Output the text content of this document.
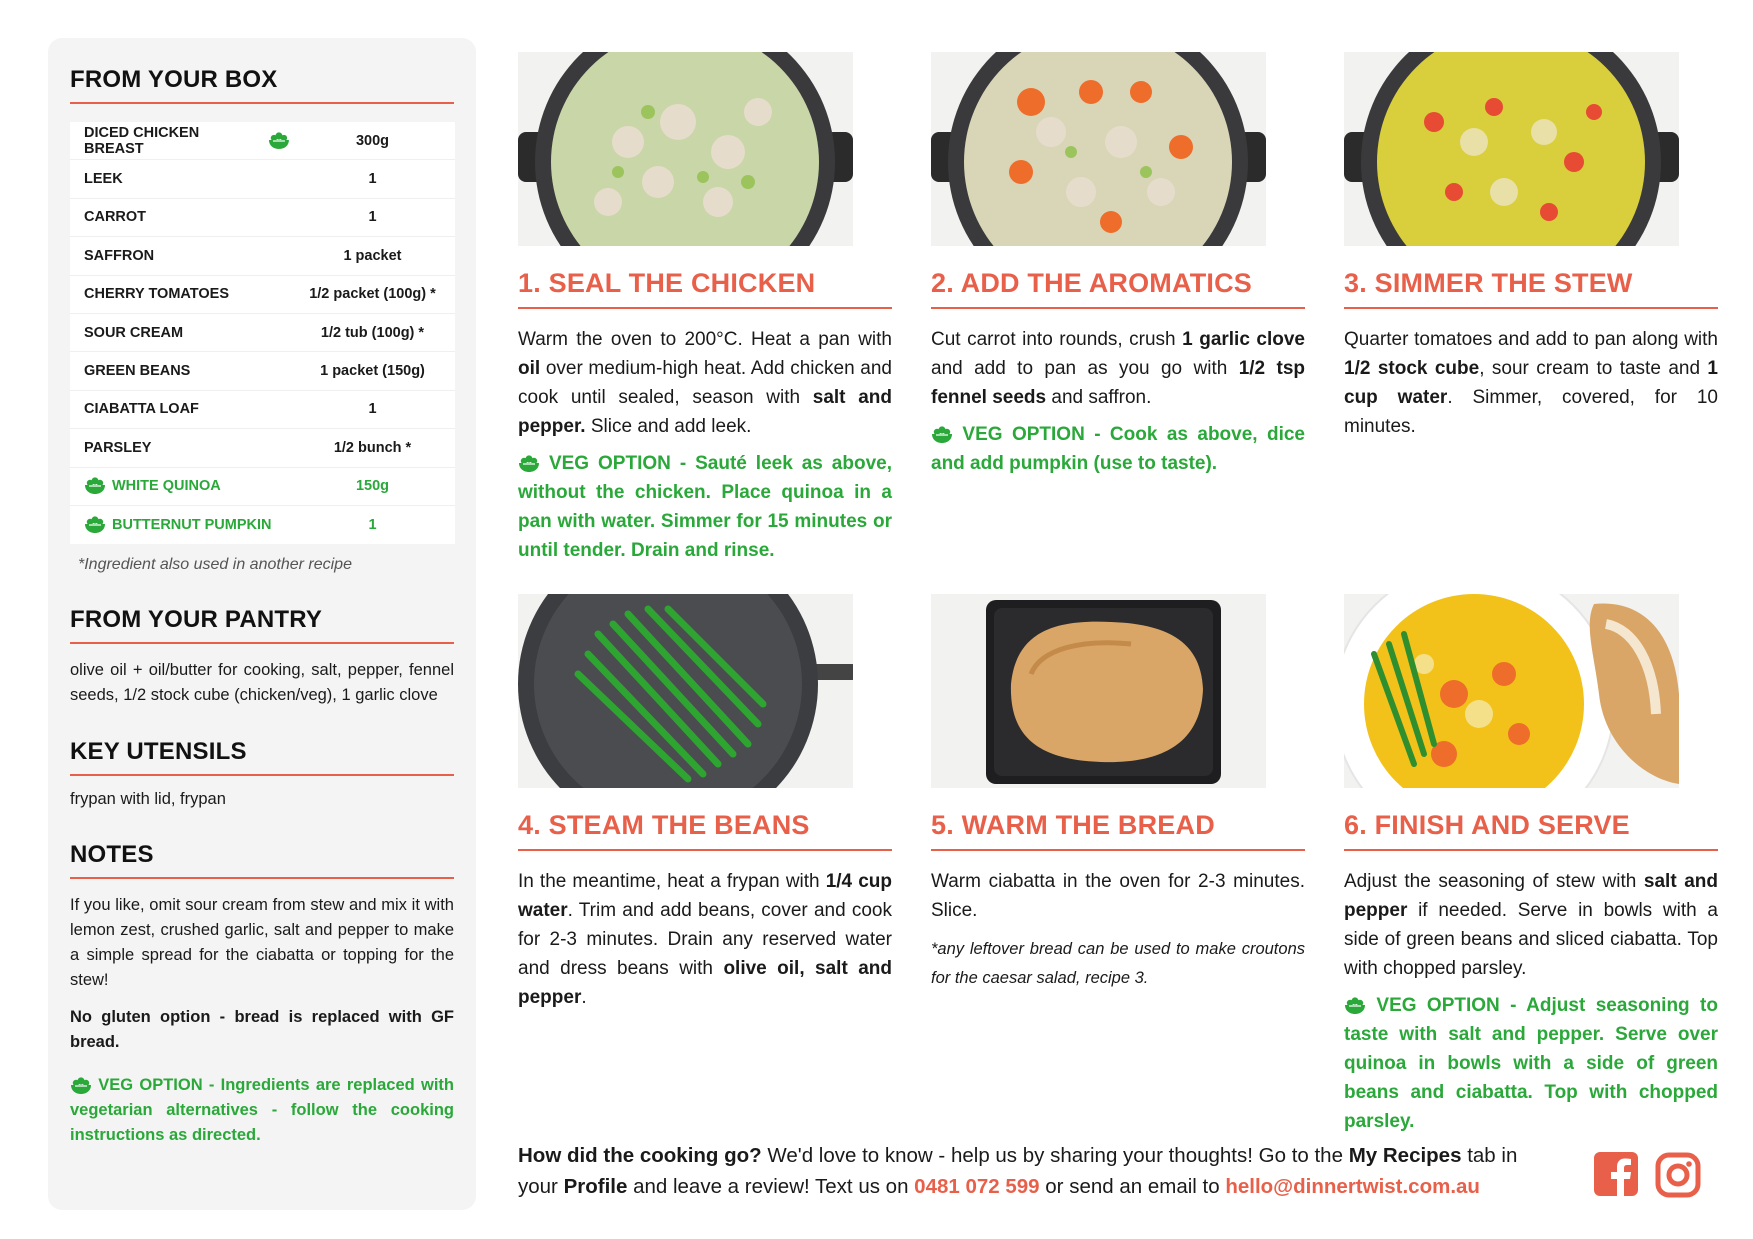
FROM YOUR BOX
DICED CHICKEN BREAST	300g
LEEK	1
CARROT	1
SAFFRON	1 packet
CHERRY TOMATOES	1/2 packet (100g) *
SOUR CREAM	1/2 tub (100g) *
GREEN BEANS	1 packet (150g)
CIABATTA LOAF	1
PARSLEY	1/2 bunch *
WHITE QUINOA	150g
BUTTERNUT PUMPKIN	1
*Ingredient also used in another recipe
FROM YOUR PANTRY

olive oil + oil/butter for cooking, salt, pepper, fennel seeds, 1/2 stock cube (chicken/veg), 1 garlic clove

KEY UTENSILS

frypan with lid, frypan

NOTES

If you like, omit sour cream from stew and mix it with lemon zest, crushed garlic, salt and pepper to make a simple spread for the ciabatta or topping for the stew!

No gluten option - bread is replaced with GF bread.

VEG OPTION - Ingredients are replaced with vegetarian alternatives - follow the cooking instructions as directed.

1. SEAL THE CHICKEN

Warm the oven to 200°C. Heat a pan with oil over medium-high heat. Add chicken and cook until sealed, season with salt and pepper. Slice and add leek.

VEG OPTION - Sauté leek as above, without the chicken. Place quinoa in a pan with water. Simmer for 15 minutes or until tender. Drain and rinse.

2. ADD THE AROMATICS

Cut carrot into rounds, crush 1 garlic clove and add to pan as you go with 1/2 tsp fennel seeds and saffron.

VEG OPTION - Cook as above, dice and add pumpkin (use to taste).

3. SIMMER THE STEW

Quarter tomatoes and add to pan along with 1/2 stock cube, sour cream to taste and 1 cup water. Simmer, covered, for 10 minutes.

4. STEAM THE BEANS

In the meantime, heat a frypan with 1/4 cup water. Trim and add beans, cover and cook for 2-3 minutes. Drain any reserved water and dress beans with olive oil, salt and pepper.

5. WARM THE BREAD

Warm ciabatta in the oven for 2-3 minutes. Slice.

*any leftover bread can be used to make croutons for the caesar salad, recipe 3.

6. FINISH AND SERVE

Adjust the seasoning of stew with salt and pepper if needed. Serve in bowls with a side of green beans and sliced ciabatta. Top with chopped parsley.

VEG OPTION - Adjust seasoning to taste with salt and pepper. Serve over quinoa in bowls with a side of green beans and ciabatta. Top with chopped parsley.

How did the cooking go? We'd love to know - help us by sharing your thoughts! Go to the My Recipes tab in your Profile and leave a review! Text us on 0481 072 599 or send an email to hello@dinnertwist.com.au
